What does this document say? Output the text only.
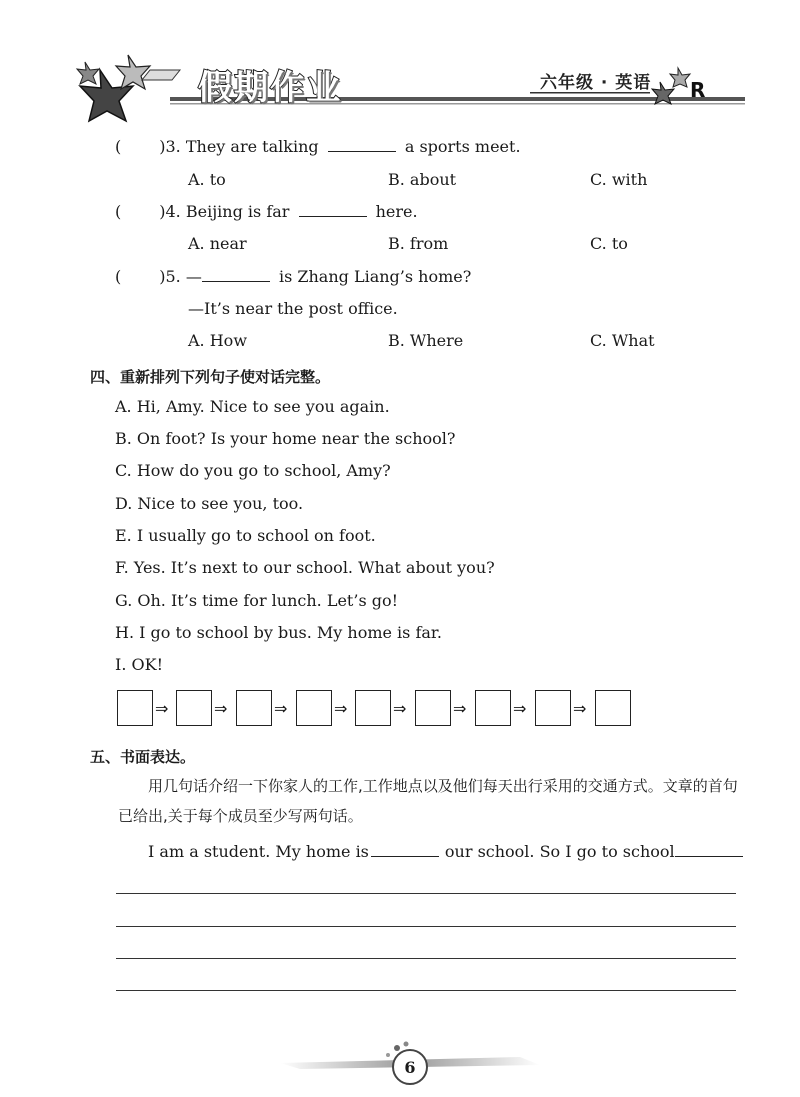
假期作业	六年级 · 英语 R
( )3. They are talking	a sports meet.
A. to	B. about	C. with
( )4. Beijing is far	here.
A. near	B. from	C. to
( )5. —	is Zhang Liang’s home?
—It’s near the post office.
A. How	B. Where	C. What
四、重新排列下列句子使对话完整。
A. Hi, Amy. Nice to see you again.
B. On foot? Is your home near the school?
C. How do you go to school, Amy?
D. Nice to see you, too.
E. I usually go to school on foot.
F. Yes. It’s next to our school. What about you?
G. Oh. It’s time for lunch. Let’s go!
H. I go to school by bus. My home is far.
I. OK!
⇒	⇒	⇒	⇒	⇒	⇒	⇒	⇒
五、书面表达。
用几句话介绍一下你家人的工作,工作地点以及他们每天出行采用的交通方式。文章的首句已给出,关于每个成员至少写两句话。
I am a student. My home is	our school. So I go to school
6
